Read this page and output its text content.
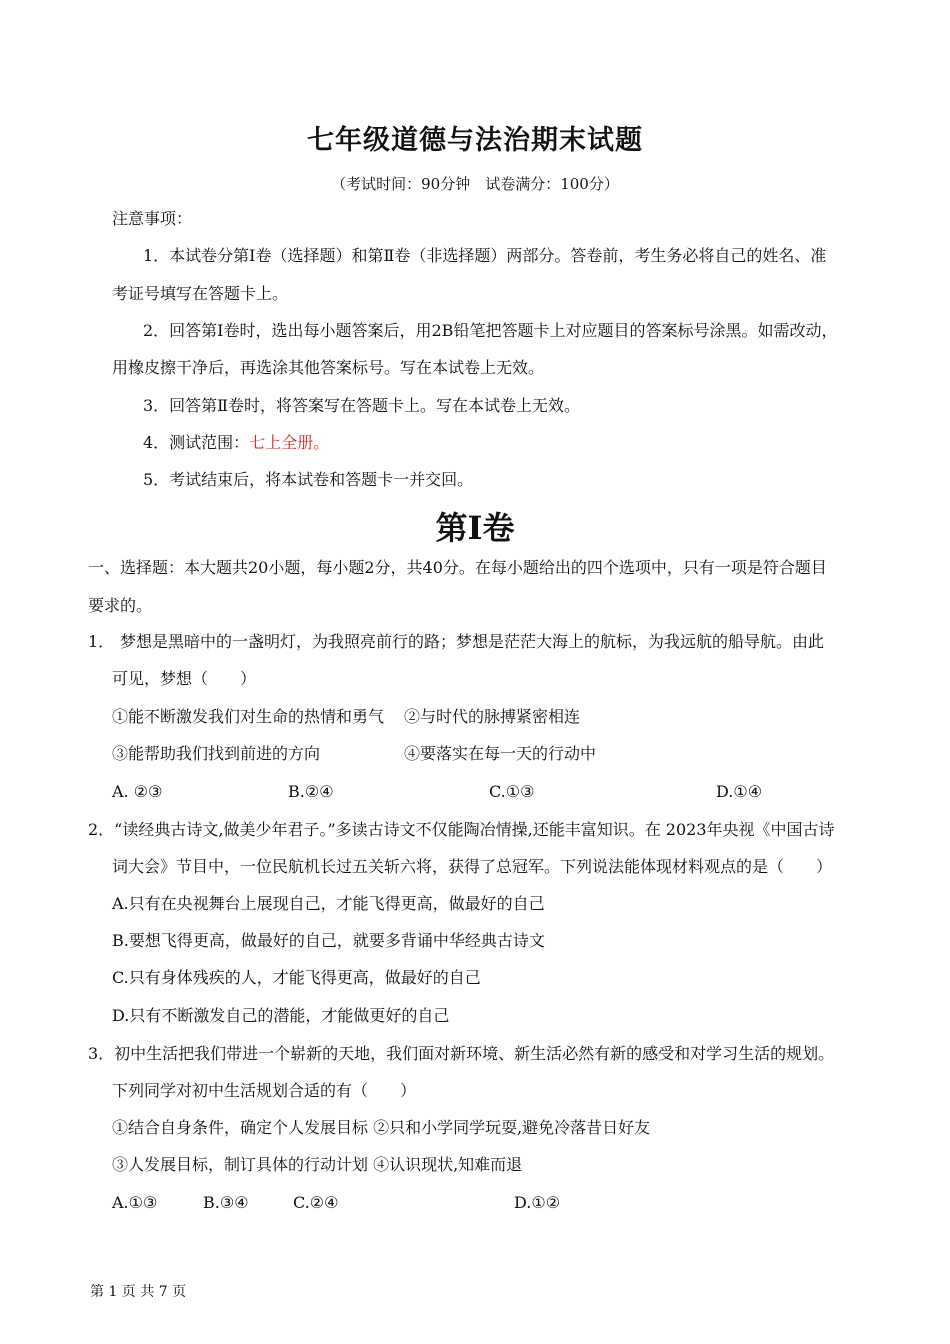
七年级道德与法治期末试题
（考试时间：90分钟　试卷满分：100分）
注意事项：
1．本试卷分第Ⅰ卷（选择题）和第Ⅱ卷（非选择题）两部分。答卷前，考生务必将自己的姓名、准
考证号填写在答题卡上。
2．回答第Ⅰ卷时，选出每小题答案后，用2B铅笔把答题卡上对应题目的答案标号涂黑。如需改动，
用橡皮擦干净后，再选涂其他答案标号。写在本试卷上无效。
3．回答第Ⅱ卷时，将答案写在答题卡上。写在本试卷上无效。
4．测试范围：七上全册。
5．考试结束后，将本试卷和答题卡一并交回。
第Ⅰ卷
一、选择题：本大题共20小题，每小题2分，共40分。在每小题给出的四个选项中，只有一项是符合题目
要求的。
1． 梦想是黑暗中的一盏明灯，为我照亮前行的路；梦想是茫茫大海上的航标，为我远航的船导航。由此
可见，梦想（　　）
①能不断激发我们对生命的热情和勇气 ②与时代的脉搏紧密相连
③能帮助我们找到前进的方向	④要落实在每一天的行动中
A. ②③	B.②④	C.①③	D.①④
2．“读经典古诗文,做美少年君子。”多读古诗文不仅能陶冶情操,还能丰富知识。在 2023年央视《中国古诗
词大会》节目中，一位民航机长过五关斩六将，获得了总冠军。下列说法能体现材料观点的是（　　）
A.只有在央视舞台上展现自己，才能飞得更高，做最好的自己
B.要想飞得更高，做最好的自己，就要多背诵中华经典古诗文
C.只有身体残疾的人，才能飞得更高，做最好的自己
D.只有不断激发自己的潜能，才能做更好的自己
3．初中生活把我们带进一个崭新的天地，我们面对新环境、新生活必然有新的感受和对学习生活的规划。
下列同学对初中生活规划合适的有（　　）
①结合自身条件，确定个人发展目标 ②只和小学同学玩耍,避免冷落昔日好友
③人发展目标，制订具体的行动计划 ④认识现状,知难而退
A.①③	B.③④	C.②④	D.①②
第 1 页 共 7 页
